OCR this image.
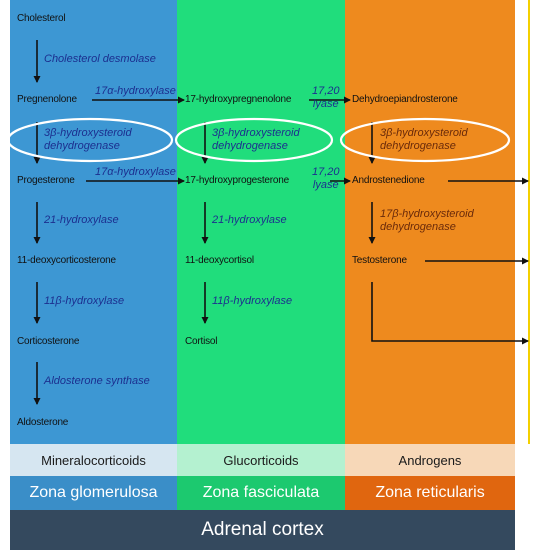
Mineralocorticoids	Glucorticoids	Androgens
Zona glomerulosa	Zona fasciculata	Zona reticularis
Adrenal cortex
Cholesterol
Pregnenolone	17-hydroxypregnenolone	Dehydroepiandrosterone
Progesterone	17-hydroxyprogesterone	Androstenedione
11-deoxycorticosterone	11-deoxycortisol	Testosterone
Corticosterone	Cortisol
Aldosterone
Cholesterol desmolase
17α-hydroxylase	17,20
lyase
3β-hydroxysteroid
dehydrogenase
3β-hydroxysteroid
dehydrogenase
3β-hydroxysteroid
dehydrogenase
17α-hydroxylase	17,20
lyase
21-hydroxylase	21-hydroxylase	17β-hydroxysteroid
dehydrogenase
11β-hydroxylase	11β-hydroxylase
Aldosterone synthase
